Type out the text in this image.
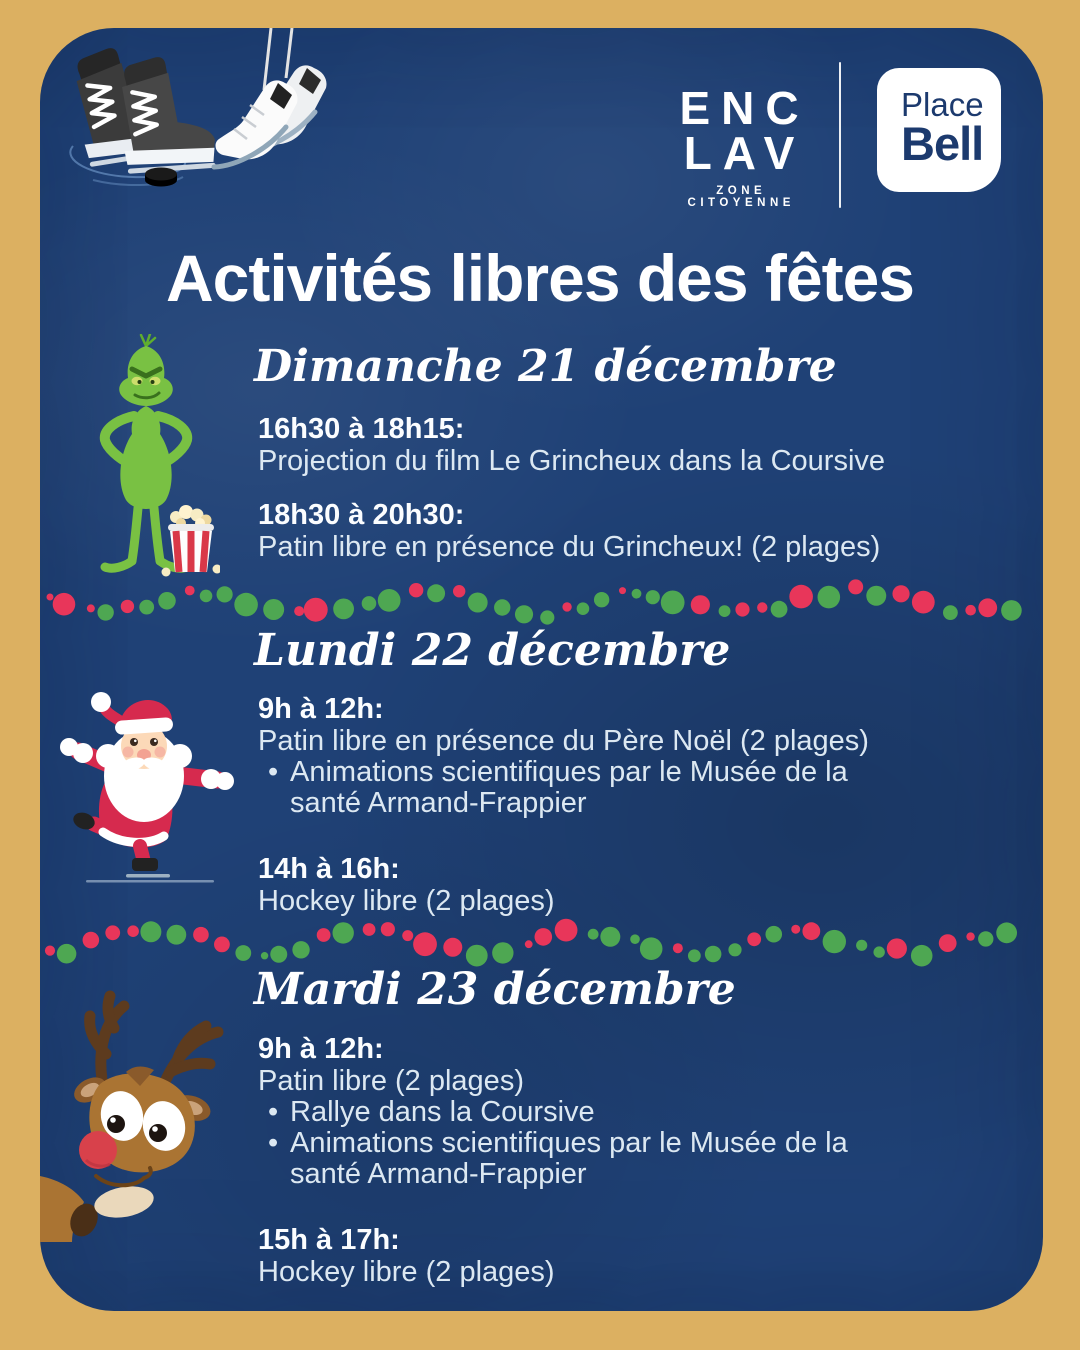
ENC
LAV
ZONE CITOYENNE
Place
Bell
Activités libres des fêtes
Dimanche 21 décembre
16h30 à 18h15:
Projection du film Le Grincheux dans la Coursive
18h30 à 20h30:
Patin libre en présence du Grincheux! (2 plages)
Lundi 22 décembre
9h à 12h:
Patin libre en présence du Père Noël (2 plages)
• Animations scientifiques par le Musée de la santé Armand-Frappier
14h à 16h:
Hockey libre (2 plages)
Mardi 23 décembre
9h à 12h:
Patin libre (2 plages)
• Rallye dans la Coursive
• Animations scientifiques par le Musée de la santé Armand-Frappier
15h à 17h:
Hockey libre (2 plages)
